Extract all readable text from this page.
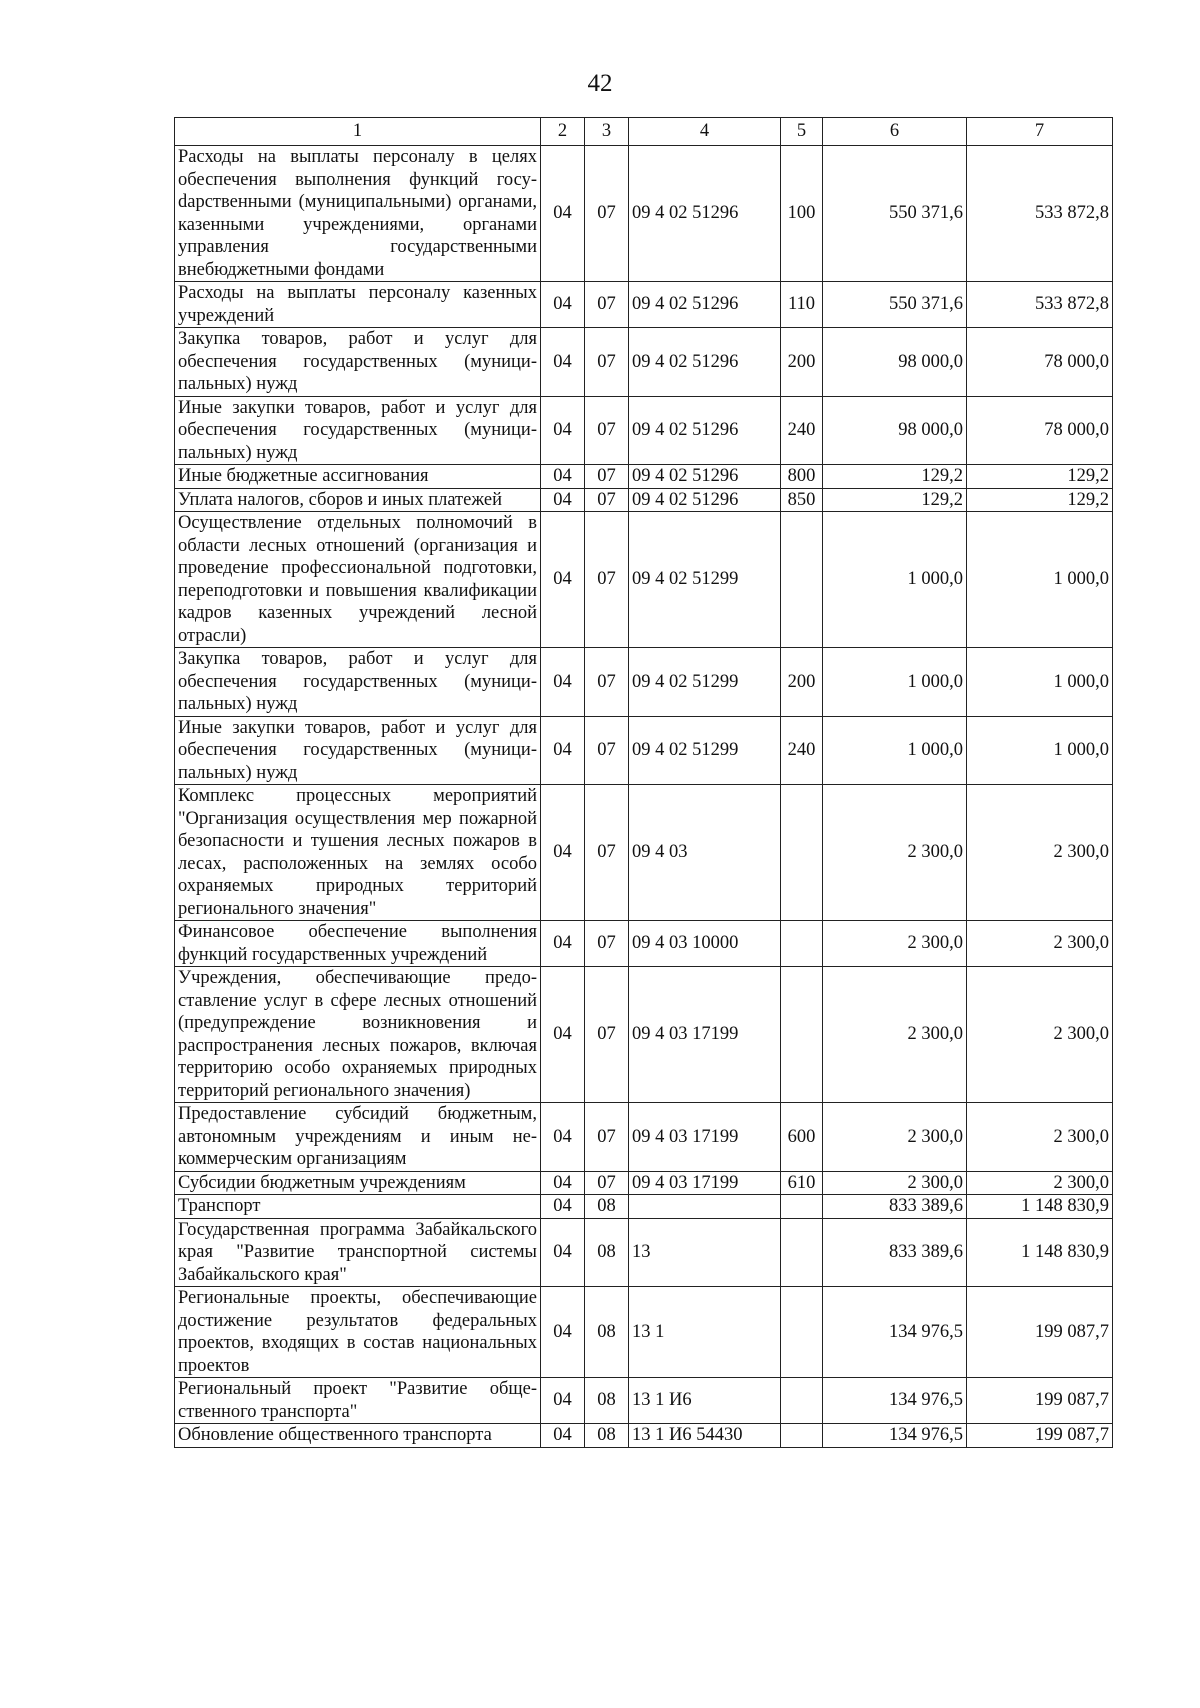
42
1	2	3	4	5	6	7
Расходы на выплаты персоналу в целях обеспечения выполнения функций госуdарственными (муниципальными) органами, казенными учреждениями, органами управления государственными внебюджетными фондами	04	07	09 4 02 51296	100	550 371,6	533 872,8
Расходы на выплаты персоналу казенных учреждений	04	07	09 4 02 51296	110	550 371,6	533 872,8
Закупка товаров, работ и услуг для обеспечения государственных (муниципальных) нужд	04	07	09 4 02 51296	200	98 000,0	78 000,0
Иные закупки товаров, работ и услуг для обеспечения государственных (муниципальных) нужд	04	07	09 4 02 51296	240	98 000,0	78 000,0
Иные бюджетные ассигнования	04	07	09 4 02 51296	800	129,2	129,2
Уплата налогов, сборов и иных платежей	04	07	09 4 02 51296	850	129,2	129,2
Осуществление отдельных полномочий в области лесных отношений (организация и проведение профессиональной подготовки, переподготовки и повышения квалификации кадров казенных учреждений лесной отрасли)	04	07	09 4 02 51299		1 000,0	1 000,0
Закупка товаров, работ и услуг для обеспечения государственных (муниципальных) нужд	04	07	09 4 02 51299	200	1 000,0	1 000,0
Иные закупки товаров, работ и услуг для обеспечения государственных (муниципальных) нужд	04	07	09 4 02 51299	240	1 000,0	1 000,0
Комплекс процессных мероприятий "Организация осуществления мер пожарной безопасности и тушения лесных пожаров в лесах, расположенных на землях особо охраняемых природных территорий регионального значения"	04	07	09 4 03		2 300,0	2 300,0
Финансовое обеспечение выполнения функций государственных учреждений	04	07	09 4 03 10000		2 300,0	2 300,0
Учреждения, обеспечивающие предоставление услуг в сфере лесных отношений (предупреждение возникновения и распространения лесных пожаров, включая территорию особо охраняемых природных территорий регионального значения)	04	07	09 4 03 17199		2 300,0	2 300,0
Предоставление субсидий бюджетным, автономным учреждениям и иным некоммерческим организациям	04	07	09 4 03 17199	600	2 300,0	2 300,0
Субсидии бюджетным учреждениям	04	07	09 4 03 17199	610	2 300,0	2 300,0
Транспорт	04	08			833 389,6	1 148 830,9
Государственная программа Забайкальского края "Развитие транспортной системы Забайкальского края"	04	08	13		833 389,6	1 148 830,9
Региональные проекты, обеспечивающие достижение результатов федеральных проектов, входящих в состав национальных проектов	04	08	13 1		134 976,5	199 087,7
Региональный проект "Развитие общественного транспорта"	04	08	13 1 И6		134 976,5	199 087,7
Обновление общественного транспорта	04	08	13 1 И6 54430		134 976,5	199 087,7
